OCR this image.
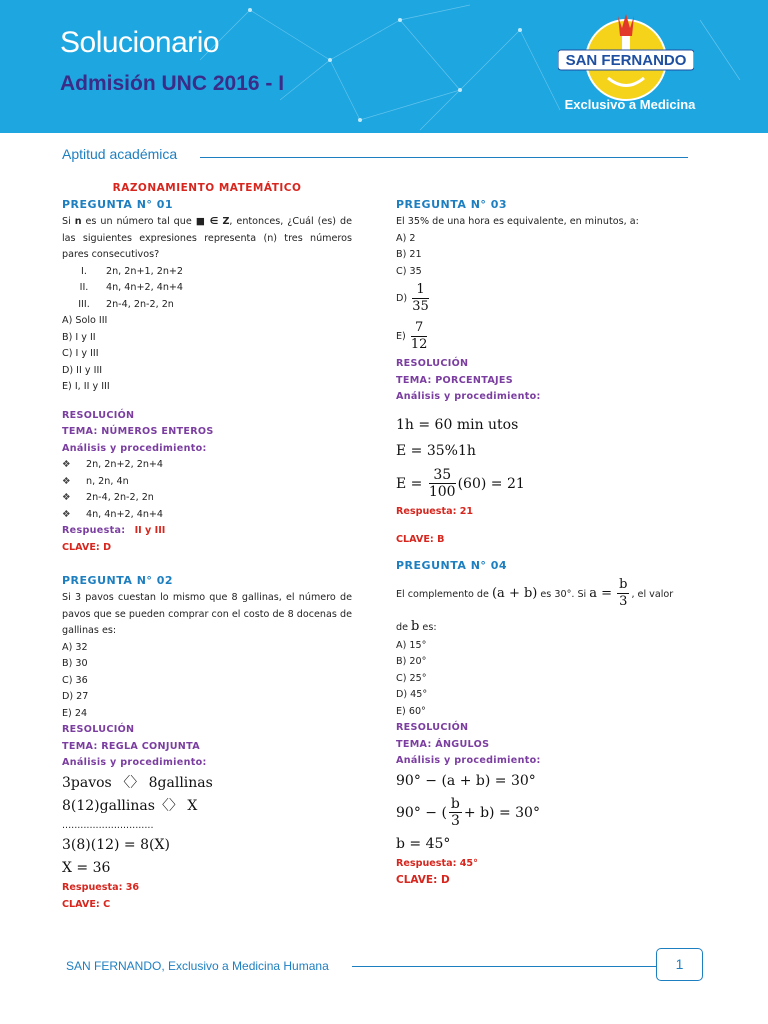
Solucionario
Admisión UNC 2016 - I
SAN FERNANDO
Exclusivo a Medicina
Aptitud académica
RAZONAMIENTO MATEMÁTICO
PREGUNTA N° 01
Si n es un número tal que ■ ∈ Z, entonces, ¿Cuál (es) de las siguientes expresiones representa (n) tres números pares consecutivos?
I.	2n, 2n+1, 2n+2
II.	4n, 4n+2, 4n+4
III.	2n-4, 2n-2, 2n
A) Solo III
B) I y II
C) I y III
D) II y III
E) I, II y III
RESOLUCIÓN
TEMA: NÚMEROS ENTEROS
Análisis y procedimiento:
❖	2n, 2n+2, 2n+4
❖	n, 2n, 4n
❖	2n-4, 2n-2, 2n
❖	4n, 4n+2, 4n+4
Respuesta: II y III
CLAVE: D
PREGUNTA N° 02
Si 3 pavos cuestan lo mismo que 8 gallinas, el número de pavos que se pueden comprar con el costo de 8 docenas de gallinas es:
A) 32
B) 30
C) 36
D) 27
E) 24
RESOLUCIÓN
TEMA: REGLA CONJUNTA
Análisis y procedimiento:
3pavos 〈〉 8gallinas
8(12)gallinas〈〉 X
..............................
3(8)(12) = 8(X)
X = 36
Respuesta: 36
CLAVE: C
PREGUNTA N° 03
El 35% de una hora es equivalente, en minutos, a:
A) 2
B) 21
C) 35
$D) \frac{1}{35}$
$E) \frac{7}{12}$
RESOLUCIÓN
TEMA: PORCENTAJES
Análisis y procedimiento:
1h = 60 min utos
E = 35%1h
$E = \frac{35}{100} (60) = 21$
Respuesta: 21
CLAVE: B
PREGUNTA N° 04
El complemento de (a + b) es 30°. Si $a = \frac{b}{3}$ , el valor
de b es:
A) 15°
B) 20°
C) 25°
D) 45°
E) 60°
RESOLUCIÓN
TEMA: ÁNGULOS
Análisis y procedimiento:
90° − (a + b) = 30°
90° − ( $\frac{b}{3} + b) = 30^\circ$
b = 45°
Respuesta: 45°
CLAVE: D
SAN FERNANDO, Exclusivo a Medicina Humana	1
